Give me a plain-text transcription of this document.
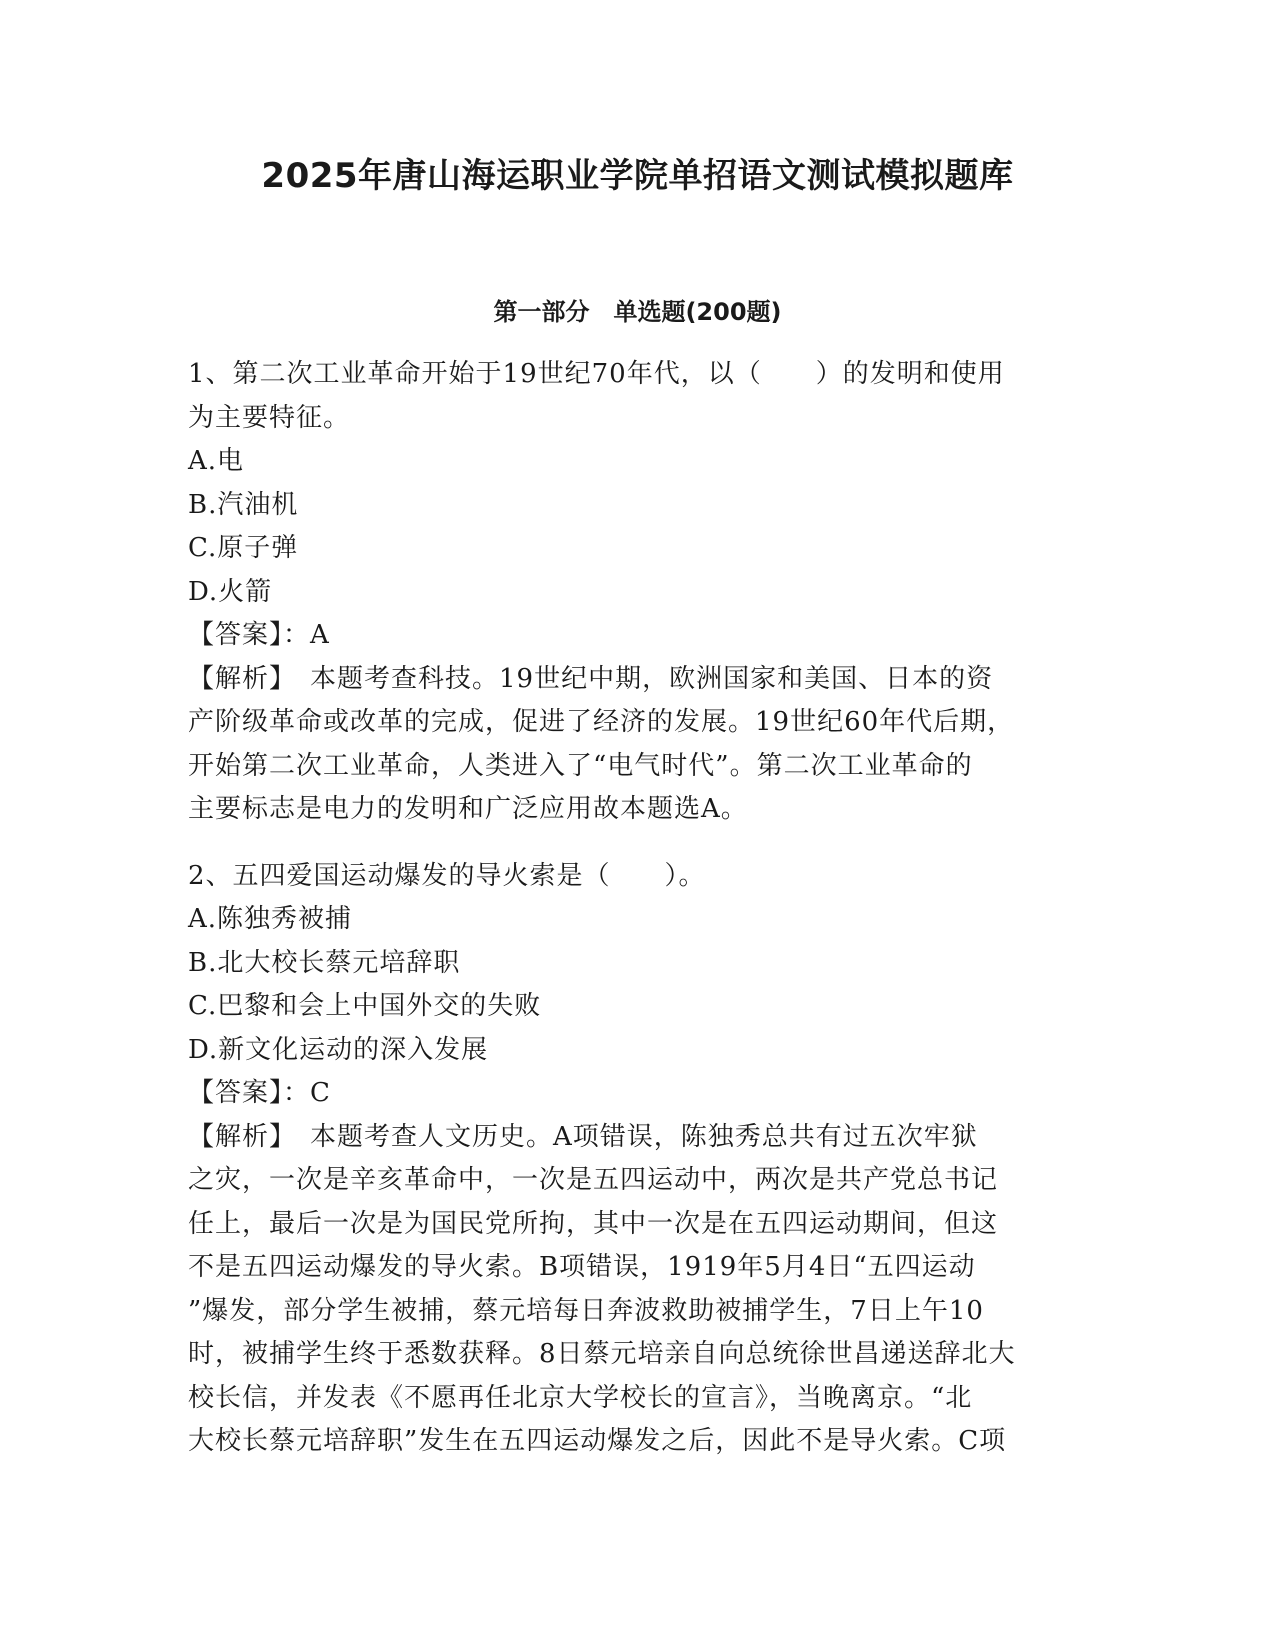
2025年唐山海运职业学院单招语文测试模拟题库
第一部分　单选题(200题)
1、第二次工业革命开始于19世纪70年代，以（　　）的发明和使用
为主要特征。
A.电
B.汽油机
C.原子弹
D.火箭
【答案】：A
【解析】　本题考查科技。19世纪中期，欧洲国家和美国、日本的资
产阶级革命或改革的完成，促进了经济的发展。19世纪60年代后期，
开始第二次工业革命，人类进入了“电气时代”。第二次工业革命的
主要标志是电力的发明和广泛应用故本题选A。
2、五四爱国运动爆发的导火索是（　　）。
A.陈独秀被捕
B.北大校长蔡元培辞职
C.巴黎和会上中国外交的失败
D.新文化运动的深入发展
【答案】：C
【解析】　本题考查人文历史。A项错误，陈独秀总共有过五次牢狱
之灾，一次是辛亥革命中，一次是五四运动中，两次是共产党总书记
任上，最后一次是为国民党所拘，其中一次是在五四运动期间，但这
不是五四运动爆发的导火索。B项错误，1919年5月4日“五四运动
”爆发，部分学生被捕，蔡元培每日奔波救助被捕学生，7日上午10
时，被捕学生终于悉数获释。8日蔡元培亲自向总统徐世昌递送辞北大
校长信，并发表《不愿再任北京大学校长的宣言》，当晚离京。“北
大校长蔡元培辞职”发生在五四运动爆发之后，因此不是导火索。C项
